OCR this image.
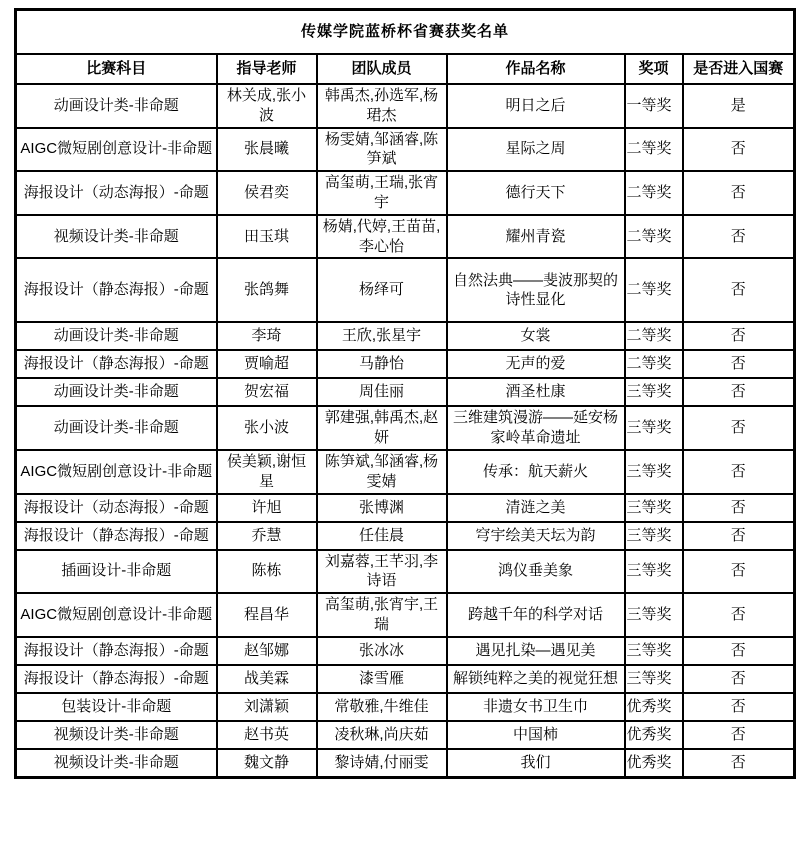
传媒学院蓝桥杯省赛获奖名单					
比赛科目	指导老师	团队成员	作品名称	奖项	是否进入国赛
动画设计类-非命题	林关成,张小波	韩禹杰,孙选军,杨珺杰	明日之后	一等奖	是
AIGC微短剧创意设计-非命题	张晨曦	杨雯婧,邹涵睿,陈笋斌	星际之周	二等奖	否
海报设计（动态海报）-命题	侯君奕	高玺萌,王瑞,张宵宇	德行天下	二等奖	否
视频设计类-非命题	田玉琪	杨婧,代婷,王苗苗,李心怡	耀州青瓷	二等奖	否
海报设计（静态海报）-命题	张鸽舞	杨绎可	自然法典——斐波那契的诗性显化	二等奖	否
动画设计类-非命题	李琦	王欣,张星宇	女裳	二等奖	否
海报设计（静态海报）-命题	贾喻超	马静怡	无声的爱	二等奖	否
动画设计类-非命题	贺宏福	周佳丽	酒圣杜康	三等奖	否
动画设计类-非命题	张小波	郭建强,韩禹杰,赵妍	三维建筑漫游——延安杨家岭革命遗址	三等奖	否
AIGC微短剧创意设计-非命题	侯美颖,谢恒星	陈笋斌,邹涵睿,杨雯婧	传承：航天薪火	三等奖	否
海报设计（动态海报）-命题	许旭	张博渊	清涟之美	三等奖	否
海报设计（静态海报）-命题	乔慧	任佳晨	穹宇绘美天坛为韵	三等奖	否
插画设计-非命题	陈栋	刘嘉蓉,王芊羽,李诗语	鸿仪垂美象	三等奖	否
AIGC微短剧创意设计-非命题	程昌华	高玺萌,张宵宇,王瑞	跨越千年的科学对话	三等奖	否
海报设计（静态海报）-命题	赵邹娜	张冰冰	遇见扎染—遇见美	三等奖	否
海报设计（静态海报）-命题	战美霖	漆雪雁	解锁纯粹之美的视觉狂想	三等奖	否
包装设计-非命题	刘潇颖	常敬雅,牛维佳	非遗女书卫生巾	优秀奖	否
视频设计类-非命题	赵书英	凌秋琳,尚庆茹	中国柿	优秀奖	否
视频设计类-非命题	魏文静	黎诗婧,付丽雯	我们	优秀奖	否
